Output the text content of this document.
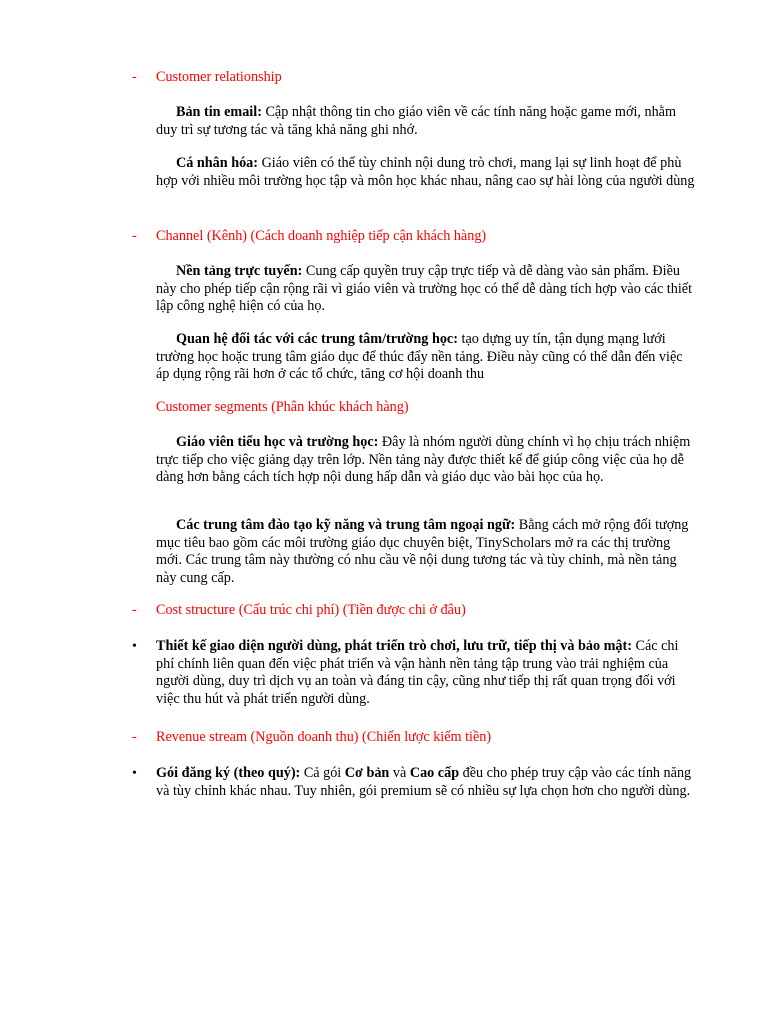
- Customer relationship
Bản tin email: Cập nhật thông tin cho giáo viên về các tính năng hoặc game mới, nhằm duy trì sự tương tác và tăng khả năng ghi nhớ.
Cá nhân hóa: Giáo viên có thể tùy chỉnh nội dung trò chơi, mang lại sự linh hoạt để phù hợp với nhiều môi trường học tập và môn học khác nhau, nâng cao sự hài lòng của người dùng
- Channel (Kênh) (Cách doanh nghiệp tiếp cận khách hàng)
Nền tảng trực tuyến: Cung cấp quyền truy cập trực tiếp và dễ dàng vào sản phẩm. Điều này cho phép tiếp cận rộng rãi vì giáo viên và trường học có thể dễ dàng tích hợp vào các thiết lập công nghệ hiện có của họ.
Quan hệ đối tác với các trung tâm/trường học: tạo dựng uy tín, tận dụng mạng lưới trường học hoặc trung tâm giáo dục để thúc đẩy nền tảng. Điều này cũng có thể dẫn đến việc áp dụng rộng rãi hơn ở các tổ chức, tăng cơ hội doanh thu
Customer segments (Phân khúc khách hàng)
Giáo viên tiểu học và trường học: Đây là nhóm người dùng chính vì họ chịu trách nhiệm trực tiếp cho việc giảng dạy trên lớp. Nền tảng này được thiết kế để giúp công việc của họ dễ dàng hơn bằng cách tích hợp nội dung hấp dẫn và giáo dục vào bài học của họ.
Các trung tâm đào tạo kỹ năng và trung tâm ngoại ngữ: Bằng cách mở rộng đối tượng mục tiêu bao gồm các môi trường giáo dục chuyên biệt, TinyScholars mở ra các thị trường mới. Các trung tâm này thường có nhu cầu về nội dung tương tác và tùy chỉnh, mà nền tảng này cung cấp.
- Cost structure (Cấu trúc chi phí) (Tiền được chi ở đâu)
• Thiết kế giao diện người dùng, phát triển trò chơi, lưu trữ, tiếp thị và bảo mật: Các chi phí chính liên quan đến việc phát triển và vận hành nền tảng tập trung vào trải nghiệm của người dùng, duy trì dịch vụ an toàn và đáng tin cậy, cũng như tiếp thị rất quan trọng đối với việc thu hút và phát triển người dùng.
- Revenue stream (Nguồn doanh thu) (Chiến lược kiếm tiền)
• Gói đăng ký (theo quý): Cả gói Cơ bản và Cao cấp đều cho phép truy cập vào các tính năng và tùy chỉnh khác nhau. Tuy nhiên, gói premium sẽ có nhiều sự lựa chọn hơn cho người dùng.
